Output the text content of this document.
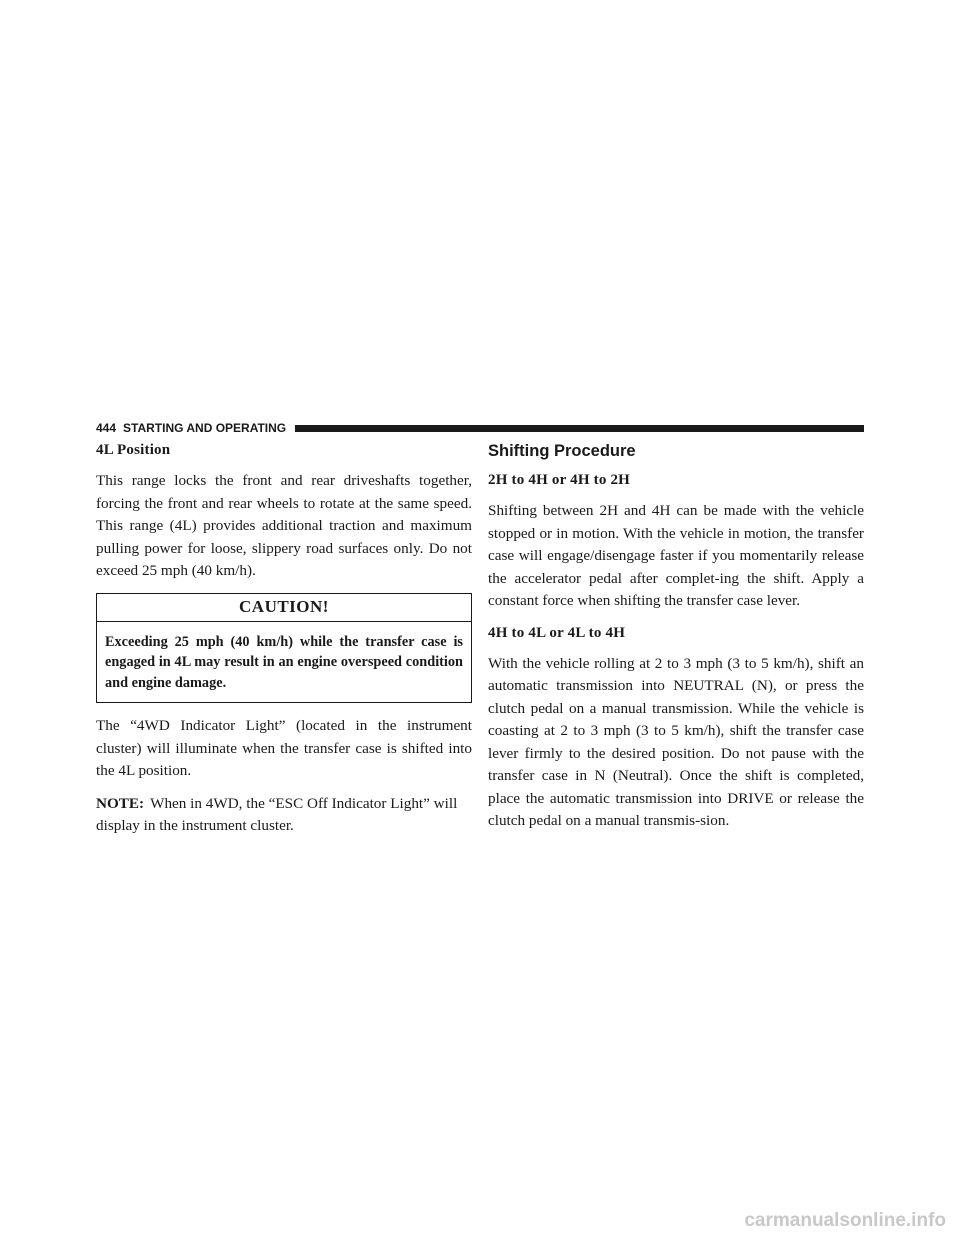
444 STARTING AND OPERATING
4L Position

This range locks the front and rear driveshafts together, forcing the front and rear wheels to rotate at the same speed. This range (4L) provides additional traction and maximum pulling power for loose, slippery road surfaces only. Do not exceed 25 mph (40 km/h).

CAUTION!
Exceeding 25 mph (40 km/h) while the transfer case is engaged in 4L may result in an engine overspeed condition and engine damage.

The “4WD Indicator Light” (located in the instrument cluster) will illuminate when the transfer case is shifted into the 4L position.

NOTE: When in 4WD, the “ESC Off Indicator Light” will display in the instrument cluster.

Shifting Procedure
2H to 4H or 4H to 2H

Shifting between 2H and 4H can be made with the vehicle stopped or in motion. With the vehicle in motion, the transfer case will engage/disengage faster if you momentarily release the accelerator pedal after complet-ing the shift. Apply a constant force when shifting the transfer case lever.

4H to 4L or 4L to 4H

With the vehicle rolling at 2 to 3 mph (3 to 5 km/h), shift an automatic transmission into NEUTRAL (N), or press the clutch pedal on a manual transmission. While the vehicle is coasting at 2 to 3 mph (3 to 5 km/h), shift the transfer case lever firmly to the desired position. Do not pause with the transfer case in N (Neutral). Once the shift is completed, place the automatic transmission into DRIVE or release the clutch pedal on a manual transmis-sion.

carmanualsonline.info
